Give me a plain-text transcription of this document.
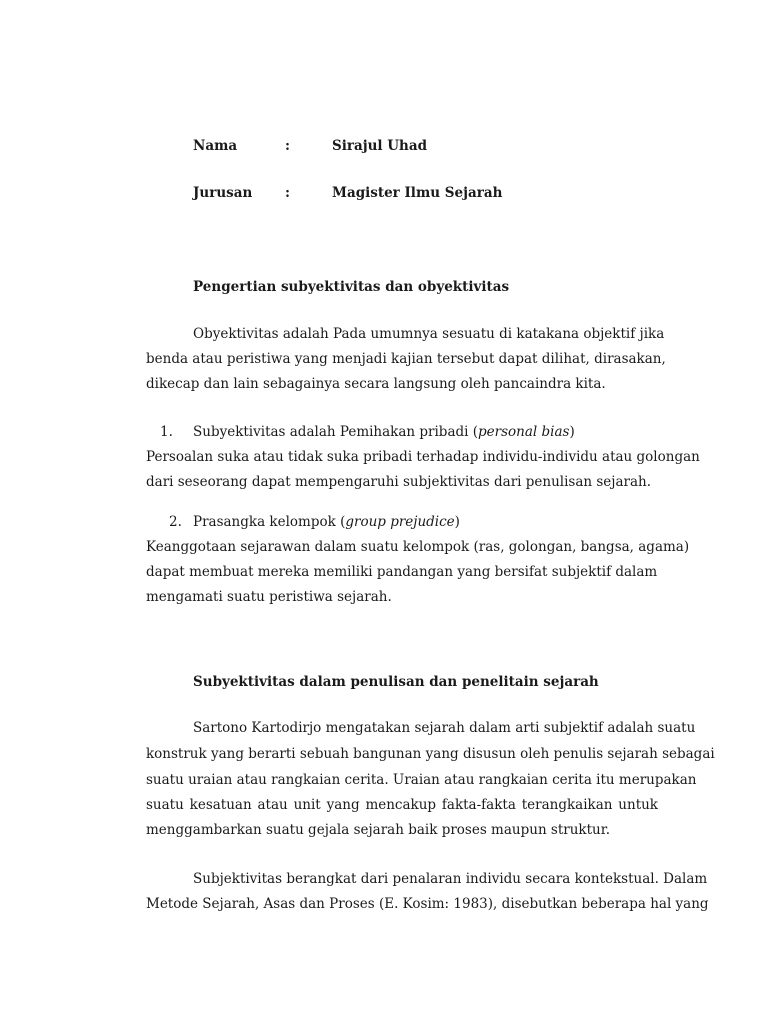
Nama	:	Sirajul Uhad
Jurusan :	Magister Ilmu Sejarah
Pengertian subyektivitas dan obyektivitas
Obyektivitas adalah Pada umumnya sesuatu di katakana objektif jika
benda atau peristiwa yang menjadi kajian tersebut dapat dilihat, dirasakan,
dikecap dan lain sebagainya secara langsung oleh pancaindra kita.
1. Subyektivitas adalah Pemihakan pribadi (personal bias)
Persoalan suka atau tidak suka pribadi terhadap individu-individu atau golongan
dari seseorang dapat mempengaruhi subjektivitas dari penulisan sejarah.
2. Prasangka kelompok (group prejudice)
Keanggotaan sejarawan dalam suatu kelompok (ras, golongan, bangsa, agama)
dapat membuat mereka memiliki pandangan yang bersifat subjektif dalam
mengamati suatu peristiwa sejarah.
Subyektivitas dalam penulisan dan penelitain sejarah
Sartono Kartodirjo mengatakan sejarah dalam arti subjektif adalah suatu
konstruk yang berarti sebuah bangunan yang disusun oleh penulis sejarah sebagai
suatu uraian atau rangkaian cerita. Uraian atau rangkaian cerita itu merupakan
suatu kesatuan atau unit yang mencakup fakta-fakta terangkaikan untuk
menggambarkan suatu gejala sejarah baik proses maupun struktur.
Subjektivitas berangkat dari penalaran individu secara kontekstual. Dalam
Metode Sejarah, Asas dan Proses (E. Kosim: 1983), disebutkan beberapa hal yang
